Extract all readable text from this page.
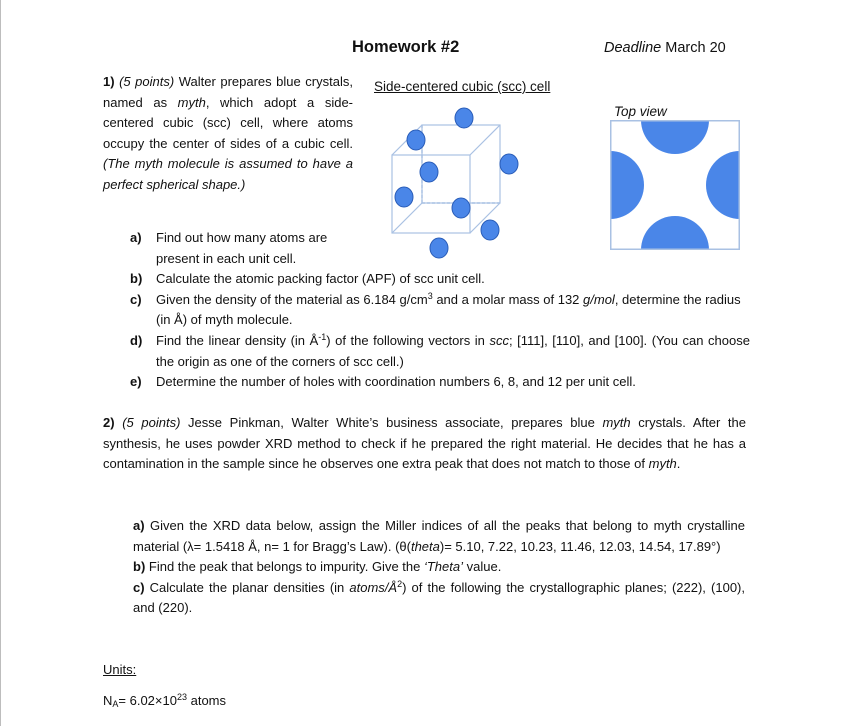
Homework #2	Deadline March 20
1) (5 points) Walter prepares blue crystals, named as myth, which adopt a side-centered cubic (scc) cell, where atoms occupy the center of sides of a cubic cell. (The myth molecule is assumed to have a perfect spherical shape.)
Side-centered cubic (scc) cell
Top view
a) Find out how many atoms are present in each unit cell.
b) Calculate the atomic packing factor (APF) of scc unit cell.
c) Given the density of the material as 6.184 $g/cm^3$ and a molar mass of 132 g/mol, determine the radius (in Å) of myth molecule.
d) Find the linear density (in $Å^{-1}$) of the following vectors in scc; [111], [110], and [100]. (You can choose the origin as one of the corners of scc cell.)
e) Determine the number of holes with coordination numbers 6, 8, and 12 per unit cell.
2) (5 points) Jesse Pinkman, Walter White’s business associate, prepares blue myth crystals. After the synthesis, he uses powder XRD method to check if he prepared the right material. He decides that he has a contamination in the sample since he observes one extra peak that does not match to those of myth.
a) Given the XRD data below, assign the Miller indices of all the peaks that belong to myth crystalline material (λ= 1.5418 Å, n= 1 for Bragg’s Law). (θ(theta)= 5.10, 7.22, 10.23, 11.46, 12.03, 14.54, 17.89°)
b) Find the peak that belongs to impurity. Give the ‘Theta’ value.
c) Calculate the planar densities (in atoms/$Å^2$) of the following the crystallographic planes; (222), (100), and (220).
Units:
$N_A= 6.02\times 10^{23}$ atoms
